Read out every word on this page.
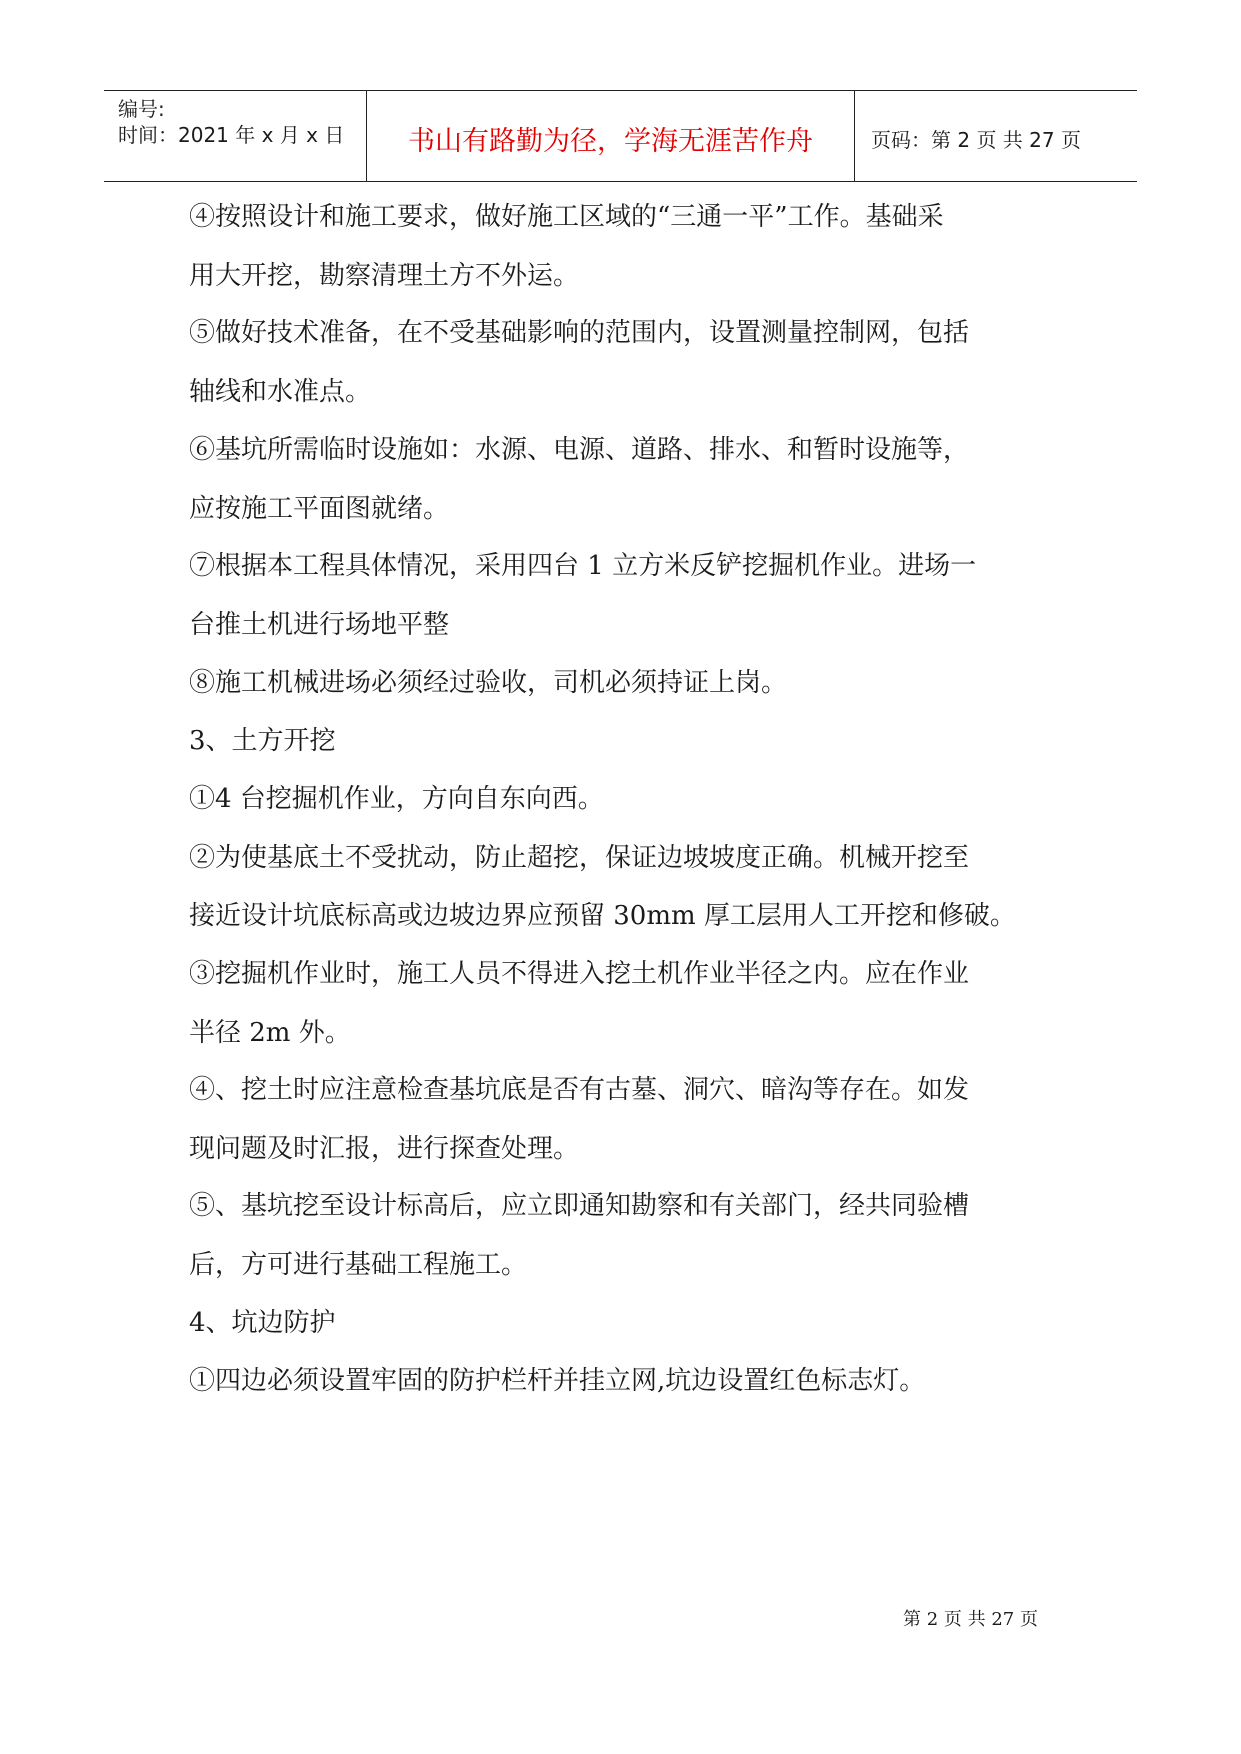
编号:
时间：2021 年 x 月 x 日	书山有路勤为径，学海无涯苦作舟	页码：第 2 页 共 27 页
④按照设计和施工要求，做好施工区域的“三通一平”工作。基础采
用大开挖，勘察清理土方不外运。
⑤做好技术准备，在不受基础影响的范围内，设置测量控制网，包括
轴线和水准点。
⑥基坑所需临时设施如：水源、电源、道路、排水、和暂时设施等，
应按施工平面图就绪。
⑦根据本工程具体情况，采用四台 1 立方米反铲挖掘机作业。进场一
台推土机进行场地平整
⑧施工机械进场必须经过验收，司机必须持证上岗。
3、土方开挖
①4 台挖掘机作业，方向自东向西。
②为使基底土不受扰动，防止超挖，保证边坡坡度正确。机械开挖至
接近设计坑底标高或边坡边界应预留 30mm 厚工层用人工开挖和修破。
③挖掘机作业时，施工人员不得进入挖土机作业半径之内。应在作业
半径 2m 外。
④、挖土时应注意检查基坑底是否有古墓、洞穴、暗沟等存在。如发
现问题及时汇报，进行探查处理。
⑤、基坑挖至设计标高后，应立即通知勘察和有关部门，经共同验槽
后，方可进行基础工程施工。
4、坑边防护
①四边必须设置牢固的防护栏杆并挂立网,坑边设置红色标志灯。
第 2 页 共 27 页
